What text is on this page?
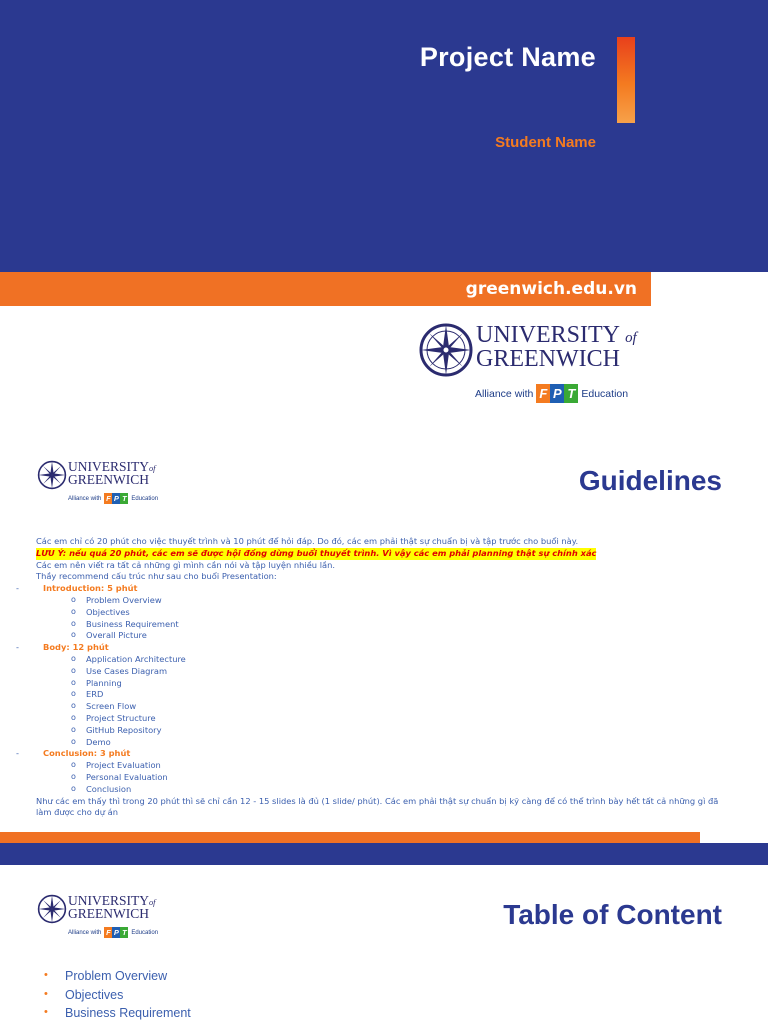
Project Name
Student Name
greenwich.edu.vn
UNIVERSITY of
GREENWICH
Alliance with F P T Education
UNIVERSITYof
GREENWICH
Alliance with F P T Education
Guidelines
Các em chỉ có 20 phút cho việc thuyết trình và 10 phút để hỏi đáp. Do đó, các em phải thật sự chuẩn bị và tập trước cho buổi này.
LƯU Ý: nếu quá 20 phút, các em sẽ được hội đồng dừng buổi thuyết trình. Vì vậy các em phải planning thật sự chính xác
Các em nên viết ra tất cả những gì mình cần nói và tập luyện nhiều lần.
Thầy recommend cấu trúc như sau cho buổi Presentation:
- Introduction: 5 phút
o Problem Overview
o Objectives
o Business Requirement
o Overall Picture
- Body: 12 phút
o Application Architecture
o Use Cases Diagram
o Planning
o ERD
o Screen Flow
o Project Structure
o GitHub Repository
o Demo
- Conclusion: 3 phút
o Project Evaluation
o Personal Evaluation
o Conclusion
Như các em thấy thì trong 20 phút thì sẽ chỉ cần 12 - 15 slides là đủ (1 slide/ phút). Các em phải thật sự chuẩn bị kỹ càng để có thể trình bày hết tất cả những gì đã làm được cho dự án
UNIVERSITYof
GREENWICH
Alliance with F P T Education
Table of Content
• Problem Overview
• Objectives
• Business Requirement
